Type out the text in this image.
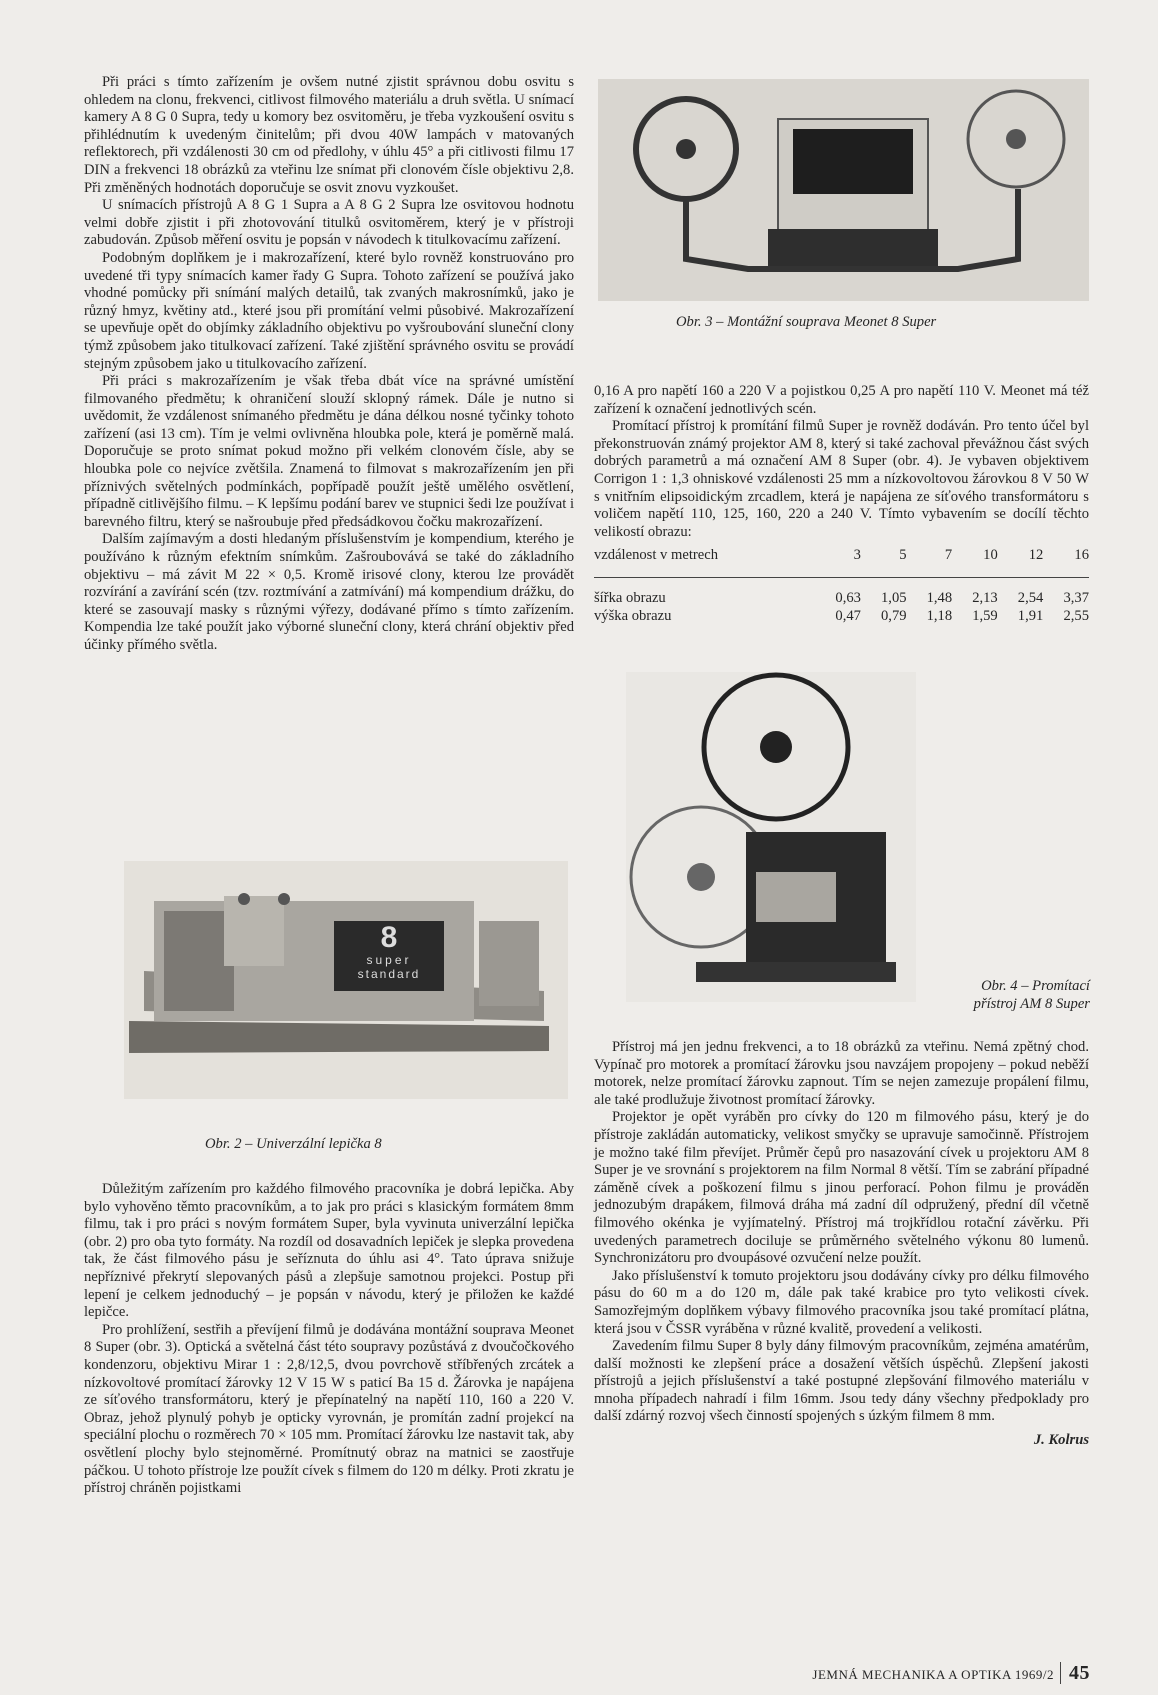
Při práci s tímto zařízením je ovšem nutné zjistit správnou dobu osvitu s ohledem na clonu, frekvenci, citlivost filmového materiálu a druh světla. U snímací kamery A 8 G 0 Supra, tedy u komory bez osvitoměru, je třeba vyzkoušení osvitu s přihlédnutím k uvedeným činitelům; při dvou 40W lampách v matovaných reflektorech, při vzdálenosti 30 cm od předlohy, v úhlu 45° a při citlivosti filmu 17 DIN a frekvenci 18 obrázků za vteřinu lze snímat při clonovém čísle objektivu 2,8. Při změněných hodnotách doporučuje se osvit znovu vyzkoušet.

U snímacích přístrojů A 8 G 1 Supra a A 8 G 2 Supra lze osvitovou hodnotu velmi dobře zjistit i při zhotovování titulků osvitoměrem, který je v přístroji zabudován. Způsob měření osvitu je popsán v návodech k titulkovacímu zařízení.

Podobným doplňkem je i makrozařízení, které bylo rovněž konstruováno pro uvedené tři typy snímacích kamer řady G Supra. Tohoto zařízení se používá jako vhodné pomůcky při snímání malých detailů, tak zvaných makrosnímků, jako je různý hmyz, květiny atd., které jsou při promítání velmi působivé. Makrozařízení se upevňuje opět do objímky základního objektivu po vyšroubování sluneční clony týmž způsobem jako titulkovací zařízení. Také zjištění správného osvitu se provádí stejným způsobem jako u titulkovacího zařízení.

Při práci s makrozařízením je však třeba dbát více na správné umístění filmovaného předmětu; k ohraničení slouží sklopný rámek. Dále je nutno si uvědomit, že vzdálenost snímaného předmětu je dána délkou nosné tyčinky tohoto zařízení (asi 13 cm). Tím je velmi ovlivněna hloubka pole, která je poměrně malá. Doporučuje se proto snímat pokud možno při velkém clonovém čísle, aby se hloubka pole co nejvíce zvětšila. Znamená to filmovat s makrozařízením jen při příznivých světelných podmínkách, popřípadě použít ještě umělého osvětlení, případně citlivějšího filmu. – K lepšímu podání barev ve stupnici šedi lze používat i barevného filtru, který se našroubuje před předsádkovou čočku makrozařízení.

Dalším zajímavým a dosti hledaným příslušenstvím je kompendium, kterého je používáno k různým efektním snímkům. Zašroubovává se také do základního objektivu – má závit M 22 × 0,5. Kromě irisové clony, kterou lze provádět rozvírání a zavírání scén (tzv. roztmívání a zatmívání) má kompendium drážku, do které se zasouvají masky s různými výřezy, dodávané přímo s tímto zařízením. Kompendia lze také použít jako výborné sluneční clony, která chrání objektiv před účinky přímého světla.

8
super
standard
Obr. 2 – Univerzální lepička 8

Důležitým zařízením pro každého filmového pracovníka je dobrá lepička. Aby bylo vyhověno těmto pracovníkům, a to jak pro práci s klasickým formátem 8mm filmu, tak i pro práci s novým formátem Super, byla vyvinuta univerzální lepička (obr. 2) pro oba tyto formáty. Na rozdíl od dosavadních lepiček je slepka provedena tak, že část filmového pásu je seříznuta do úhlu asi 4°. Tato úprava snižuje nepříznivé překrytí slepovaných pásů a zlepšuje samotnou projekci. Postup při lepení je celkem jednoduchý – je popsán v návodu, který je přiložen ke každé lepičce.

Pro prohlížení, sestřih a převíjení filmů je dodávána montážní souprava Meonet 8 Super (obr. 3). Optická a světelná část této soupravy pozůstává z dvoučočkového kondenzoru, objektivu Mirar 1 : 2,8/12,5, dvou povrchově stříbřených zrcátek a nízkovoltové promítací žárovky 12 V 15 W s paticí Ba 15 d. Žárovka je napájena ze síťového transformátoru, který je přepínatelný na napětí 110, 160 a 220 V. Obraz, jehož plynulý pohyb je opticky vyrovnán, je promítán zadní projekcí na speciální plochu o rozměrech 70 × 105 mm. Promítací žárovku lze nastavit tak, aby osvětlení plochy bylo stejnoměrné. Promítnutý obraz na matnici se zaostřuje páčkou. U tohoto přístroje lze použít cívek s filmem do 120 m délky. Proti zkratu je přístroj chráněn pojistkami

Obr. 3 – Montážní souprava Meonet 8 Super

0,16 A pro napětí 160 a 220 V a pojistkou 0,25 A pro napětí 110 V. Meonet má též zařízení k označení jednotlivých scén.

Promítací přístroj k promítání filmů Super je rovněž dodáván. Pro tento účel byl překonstruován známý projektor AM 8, který si také zachoval převážnou část svých dobrých parametrů a má označení AM 8 Super (obr. 4). Je vybaven objektivem Corrigon 1 : 1,3 ohniskové vzdálenosti 25 mm a nízkovoltovou žárovkou 8 V 50 W s vnitřním elipsoidickým zrcadlem, která je napájena ze síťového transformátoru s voličem napětí 110, 125, 160, 220 a 240 V. Tímto vybavením se docílí těchto velikostí obrazu:

vzdálenost v metrech	3	5	7	10	12	16
šířka obrazu	0,63	1,05	1,48	2,13	2,54	3,37
výška obrazu	0,47	0,79	1,18	1,59	1,91	2,55
Obr. 4 – Promítací
přístroj AM 8 Super

Přístroj má jen jednu frekvenci, a to 18 obrázků za vteřinu. Nemá zpětný chod. Vypínač pro motorek a promítací žárovku jsou navzájem propojeny – pokud neběží motorek, nelze promítací žárovku zapnout. Tím se nejen zamezuje propálení filmu, ale také prodlužuje životnost promítací žárovky.

Projektor je opět vyráběn pro cívky do 120 m filmového pásu, který je do přístroje zakládán automaticky, velikost smyčky se upravuje samočinně. Přístrojem je možno také film převíjet. Průměr čepů pro nasazování cívek u projektoru AM 8 Super je ve srovnání s projektorem na film Normal 8 větší. Tím se zabrání případné záměně cívek a poškození filmu s jinou perforací. Pohon filmu je prováděn jednozubým drapákem, filmová dráha má zadní díl odpružený, přední díl včetně filmového okénka je vyjímatelný. Přístroj má trojkřídlou rotační závěrku. Při uvedených parametrech dociluje se průměrného světelného výkonu 80 lumenů. Synchronizátoru pro dvoupásové ozvučení nelze použít.

Jako příslušenství k tomuto projektoru jsou dodávány cívky pro délku filmového pásu do 60 m a do 120 m, dále pak také krabice pro tyto velikosti cívek. Samozřejmým doplňkem výbavy filmového pracovníka jsou také promítací plátna, která jsou v ČSSR vyráběna v různé kvalitě, provedení a velikosti.

Zavedením filmu Super 8 byly dány filmovým pracovníkům, zejména amatérům, další možnosti ke zlepšení práce a dosažení větších úspěchů. Zlepšení jakosti přístrojů a jejich příslušenství a také postupné zlepšování filmového materiálu v mnoha případech nahradí i film 16mm. Jsou tedy dány všechny předpoklady pro další zdárný rozvoj všech činností spojených s úzkým filmem 8 mm.

J. Kolrus
JEMNÁ MECHANIKA A OPTIKA 1969/2 45
